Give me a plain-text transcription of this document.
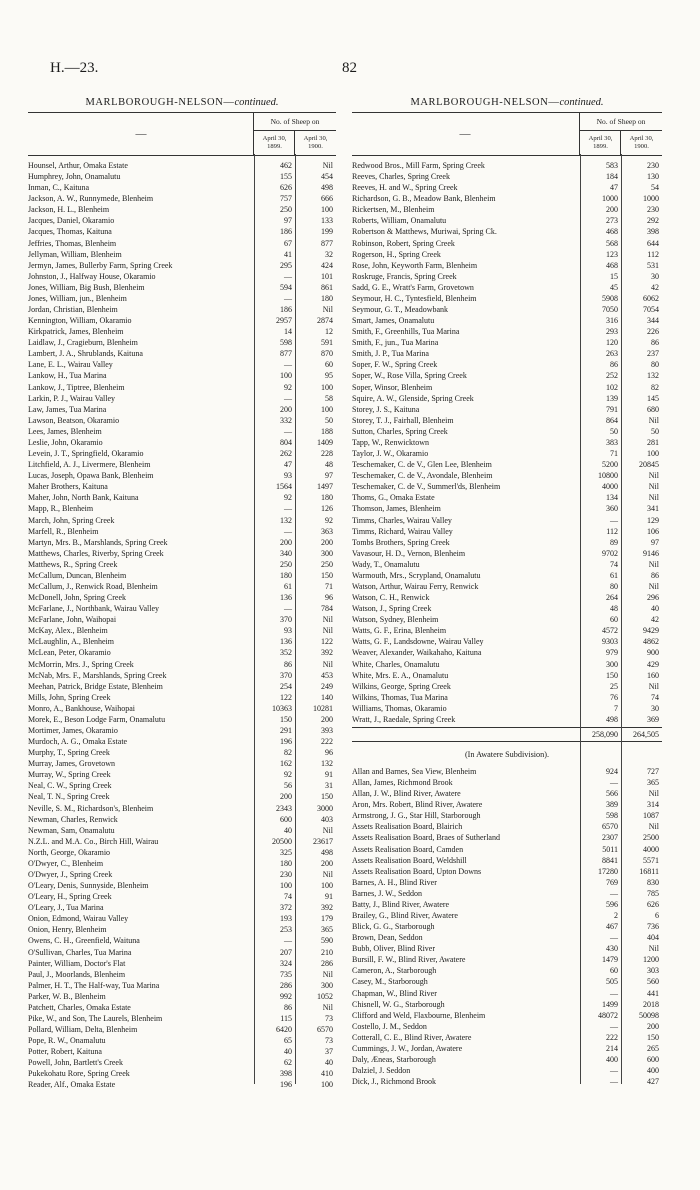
H.—23.	82
MARLBOROUGH-NELSON—continued.
—
No. of Sheep on
April 30,
1899.
April 30,
1900.
Hounsel, Arthur, Omaka Estate	462	Nil
Humphrey, John, Onamalutu	155	454
Inman, C., Kaituna	626	498
Jackson, A. W., Runnymede, Blenheim	757	666
Jackson, H. L., Blenheim	250	100
Jacques, Daniel, Okaramio	97	133
Jacques, Thomas, Kaituna	186	199
Jeffries, Thomas, Blenheim	67	877
Jellyman, William, Blenheim	41	32
Jermyn, James, Bullerby Farm, Spring Creek	295	424
Johnston, J., Halfway House, Okaramio	—	101
Jones, William, Big Bush, Blenheim	594	861
Jones, William, jun., Blenheim	—	180
Jordan, Christian, Blenheim	186	Nil
Kennington, William, Okaramio	2957	2874
Kirkpatrick, James, Blenheim	14	12
Laidlaw, J., Cragieburn, Blenheim	598	591
Lambert, J. A., Shrublands, Kaituna	877	870
Lane, E. L., Wairau Valley	—	60
Lankow, H., Tua Marina	100	95
Lankow, J., Tiptree, Blenheim	92	100
Larkin, P. J., Wairau Valley	—	58
Law, James, Tua Marina	200	100
Lawson, Beatson, Okaramio	332	50
Lees, James, Blenheim	—	188
Leslie, John, Okaramio	804	1409
Levein, J. T., Springfield, Okaramio	262	228
Litchfield, A. J., Livermere, Blenheim	47	48
Lucas, Joseph, Opawa Bank, Blenheim	93	97
Maher Brothers, Kaituna	1564	1497
Maher, John, North Bank, Kaituna	92	180
Mapp, R., Blenheim	—	126
March, John, Spring Creek	132	92
Marfell, R., Blenheim	—	363
Martyn, Mrs. B., Marshlands, Spring Creek	200	200
Matthews, Charles, Riverby, Spring Creek	340	300
Matthews, R., Spring Creek	250	250
McCallum, Duncan, Blenheim	180	150
McCallum, J., Renwick Road, Blenheim	61	71
McDonell, John, Spring Creek	136	96
McFarlane, J., Northbank, Wairau Valley	—	784
McFarlane, John, Waihopai	370	Nil
McKay, Alex., Blenheim	93	Nil
McLaughlin, A., Blenheim	136	122
McLean, Peter, Okaramio	352	392
McMorrin, Mrs. J., Spring Creek	86	Nil
McNab, Mrs. F., Marshlands, Spring Creek	370	453
Meehan, Patrick, Bridge Estate, Blenheim	254	249
Mills, John, Spring Creek	122	140
Monro, A., Bankhouse, Waihopai	10363	10281
Morek, E., Beson Lodge Farm, Onamalutu	150	200
Mortimer, James, Okaramio	291	393
Murdoch, A. G., Omaka Estate	196	222
Murphy, T., Spring Creek	82	96
Murray, James, Grovetown	162	132
Murray, W., Spring Creek	92	91
Neal, C. W., Spring Creek	56	31
Neal, T. N., Spring Creek	200	150
Neville, S. M., Richardson's, Blenheim	2343	3000
Newman, Charles, Renwick	600	403
Newman, Sam, Onamalutu	40	Nil
N.Z.L. and M.A. Co., Birch Hill, Wairau	20500	23617
North, George, Okaramio	325	498
O'Dwyer, C., Blenheim	180	200
O'Dwyer, J., Spring Creek	230	Nil
O'Leary, Denis, Sunnyside, Blenheim	100	100
O'Leary, H., Spring Creek	74	91
O'Leary, J., Tua Marina	372	392
Onion, Edmond, Wairau Valley	193	179
Onion, Henry, Blenheim	253	365
Owens, C. H., Greenfield, Waituna	—	590
O'Sullivan, Charles, Tua Marina	207	210
Painter, William, Doctor's Flat	324	286
Paul, J., Moorlands, Blenheim	735	Nil
Palmer, H. T., The Half-way, Tua Marina	286	300
Parker, W. B., Blenheim	992	1052
Patchett, Charles, Omaka Estate	86	Nil
Pike, W., and Son, The Laurels, Blenheim	115	73
Pollard, William, Delta, Blenheim	6420	6570
Pope, R. W., Onamalutu	65	73
Potter, Robert, Kaituna	40	37
Powell, John, Bartlett's Creek	62	40
Pukekohatu Rore, Spring Creek	398	410
Reader, Alf., Omaka Estate	196	100
MARLBOROUGH-NELSON—continued.
—
No. of Sheep on
April 30,
1899.
April 30,
1900.
Redwood Bros., Mill Farm, Spring Creek	583	230
Reeves, Charles, Spring Creek	184	130
Reeves, H. and W., Spring Creek	47	54
Richardson, G. B., Meadow Bank, Blenheim	1000	1000
Rickertsen, M., Blenheim	200	230
Roberts, William, Onamalutu	273	292
Robertson & Matthews, Muriwai, Spring Ck.	468	398
Robinson, Robert, Spring Creek	568	644
Rogerson, H., Spring Creek	123	112
Rose, John, Keyworth Farm, Blenheim	468	531
Roskruge, Francis, Spring Creek	15	30
Sadd, G. E., Wratt's Farm, Grovetown	45	42
Seymour, H. C., Tyntesfield, Blenheim	5908	6062
Seymour, G. T., Meadowbank	7050	7054
Smart, James, Onamalutu	316	344
Smith, F., Greenhills, Tua Marina	293	226
Smith, F., jun., Tua Marina	120	86
Smith, J. P., Tua Marina	263	237
Soper, F. W., Spring Creek	86	80
Soper, W., Rose Villa, Spring Creek	252	132
Soper, Winsor, Blenheim	102	82
Squire, A. W., Glenside, Spring Creek	139	145
Storey, J. S., Kaituna	791	680
Storey, T. J., Fairhall, Blenheim	864	Nil
Sutton, Charles, Spring Creek	50	50
Tapp, W., Renwicktown	383	281
Taylor, J. W., Okaramio	71	100
Teschemaker, C. de V., Glen Lee, Blenheim	5200	20845
Teschemaker, C. de V., Avondale, Blenheim	10800	Nil
Teschemaker, C. de V., Summerl'ds, Blenheim	4000	Nil
Thoms, G., Omaka Estate	134	Nil
Thomson, James, Blenheim	360	341
Timms, Charles, Wairau Valley	—	129
Timms, Richard, Wairau Valley	112	106
Tombs Brothers, Spring Creek	89	97
Vavasour, H. D., Vernon, Blenheim	9702	9146
Wady, T., Onamalutu	74	Nil
Warmouth, Mrs., Scrypland, Onamalutu	61	86
Watson, Arthur, Wairau Ferry, Renwick	80	Nil
Watson, C. H., Renwick	264	296
Watson, J., Spring Creek	48	40
Watson, Sydney, Blenheim	60	42
Watts, G. F., Erina, Blenheim	4572	9429
Watts, G. F., Landsdowne, Wairau Valley	9303	4862
Weaver, Alexander, Waikahaho, Kaituna	979	900
White, Charles, Onamalutu	300	429
White, Mrs. E. A., Onamalutu	150	160
Wilkins, George, Spring Creek	25	Nil
Wilkins, Thomas, Tua Marina	76	74
Williams, Thomas, Okaramio	7	30
Wratt, J., Raedale, Spring Creek	498	369
258,090	264,505
(In Awatere Subdivision).
Allan and Barnes, Sea View, Blenheim	924	727
Allan, James, Richmond Brook	—	365
Allan, J. W., Blind River, Awatere	566	Nil
Aron, Mrs. Robert, Blind River, Awatere	389	314
Armstrong, J. G., Star Hill, Starborough	598	1087
Assets Realisation Board, Blairich	6570	Nil
Assets Realisation Board, Braes of Sutherland	2307	2500
Assets Realisation Board, Camden	5011	4000
Assets Realisation Board, Weldshill	8841	5571
Assets Realisation Board, Upton Downs	17280	16811
Barnes, A. H., Blind River	769	830
Barnes, J. W., Seddon	—	785
Batty, J., Blind River, Awatere	596	626
Brailey, G., Blind River, Awatere	2	6
Blick, G. G., Starborough	467	736
Brown, Dean, Seddon	—	404
Bubb, Oliver, Blind River	430	Nil
Bursill, F. W., Blind River, Awatere	1479	1200
Cameron, A., Starborough	60	303
Casey, M., Starborough	505	560
Chapman, W., Blind River	—	441
Chisnell, W. G., Starborough	1499	2018
Clifford and Weld, Flaxbourne, Blenheim	48072	50098
Costello, J. M., Seddon	—	200
Cotterall, C. E., Blind River, Awatere	222	150
Cummings, J. W., Jordan, Awatere	214	265
Daly, Æneas, Starborough	400	600
Dalziel, J. Seddon	—	400
Dick, J., Richmond Brook	—	427
